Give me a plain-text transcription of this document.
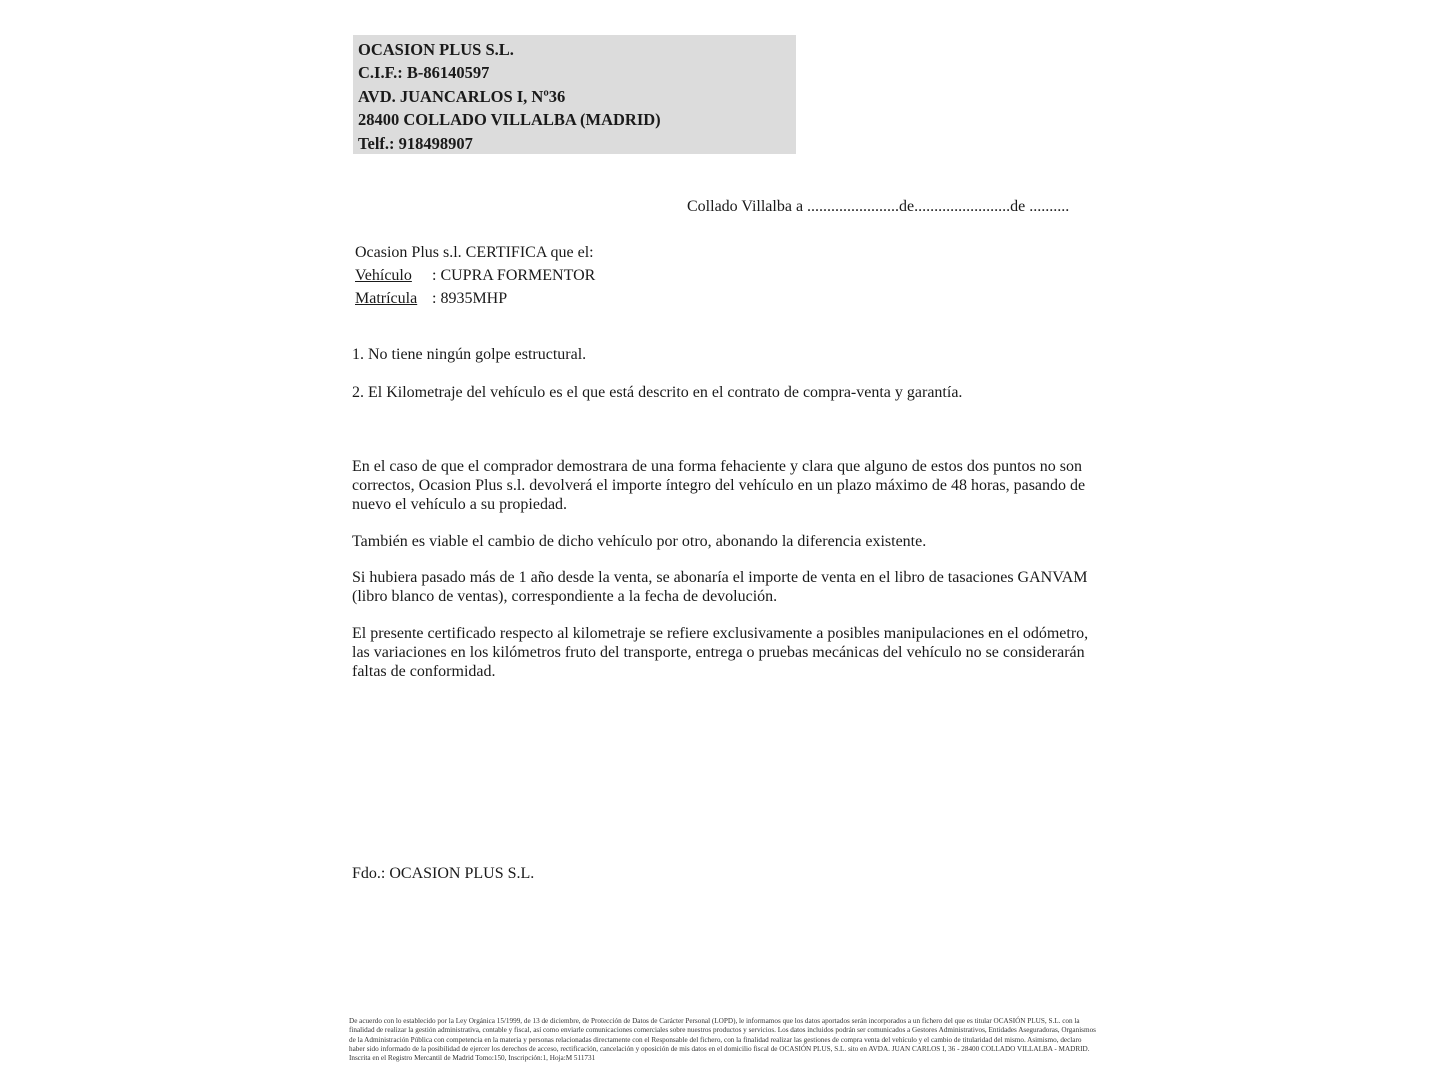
OCASION PLUS S.L.
C.I.F.: B-86140597
AVD. JUANCARLOS I, Nº36
28400 COLLADO VILLALBA (MADRID)
Telf.: 918498907
Collado Villalba a .......................de........................de ..........
Ocasion Plus s.l. CERTIFICA que el:
Vehículo : CUPRA FORMENTOR
Matrícula : 8935MHP
1. No tiene ningún golpe estructural.
2. El Kilometraje del vehículo es el que está descrito en el contrato de compra-venta y garantía.
En el caso de que el comprador demostrara de una forma fehaciente y clara que alguno de estos dos puntos no son correctos, Ocasion Plus s.l. devolverá el importe íntegro del vehículo en un plazo máximo de 48 horas, pasando de nuevo el vehículo a su propiedad.
También es viable el cambio de dicho vehículo por otro, abonando la diferencia existente.
Si hubiera pasado más de 1 año desde la venta, se abonaría el importe de venta en el libro de tasaciones GANVAM (libro blanco de ventas), correspondiente a la fecha de devolución.
El presente certificado respecto al kilometraje se refiere exclusivamente a posibles manipulaciones en el odómetro, las variaciones en los kilómetros fruto del transporte, entrega o pruebas mecánicas del vehículo no se considerarán faltas de conformidad.
Fdo.: OCASION PLUS S.L.
De acuerdo con lo establecido por la Ley Orgánica 15/1999, de 13 de diciembre, de Protección de Datos de Carácter Personal (LOPD), le informamos que los datos aportados serán incorporados a un fichero del que es titular OCASIÓN PLUS, S.L. con la finalidad de realizar la gestión administrativa, contable y fiscal, así como enviarle comunicaciones comerciales sobre nuestros productos y servicios. Los datos incluidos podrán ser comunicados a Gestores Administrativos, Entidades Aseguradoras, Organismos de la Administración Pública con competencia en la materia y personas relacionadas directamente con el Responsable del fichero, con la finalidad realizar las gestiones de compra venta del vehículo y el cambio de titularidad del mismo. Asimismo, declaro haber sido informado de la posibilidad de ejercer los derechos de acceso, rectificación, cancelación y oposición de mis datos en el domicilio fiscal de OCASIÓN PLUS, S.L. sito en AVDA. JUAN CARLOS I, 36 - 28400 COLLADO VILLALBA - MADRID. Inscrita en el Registro Mercantil de Madrid Tomo:150, Inscripción:1, Hoja:M 511731
